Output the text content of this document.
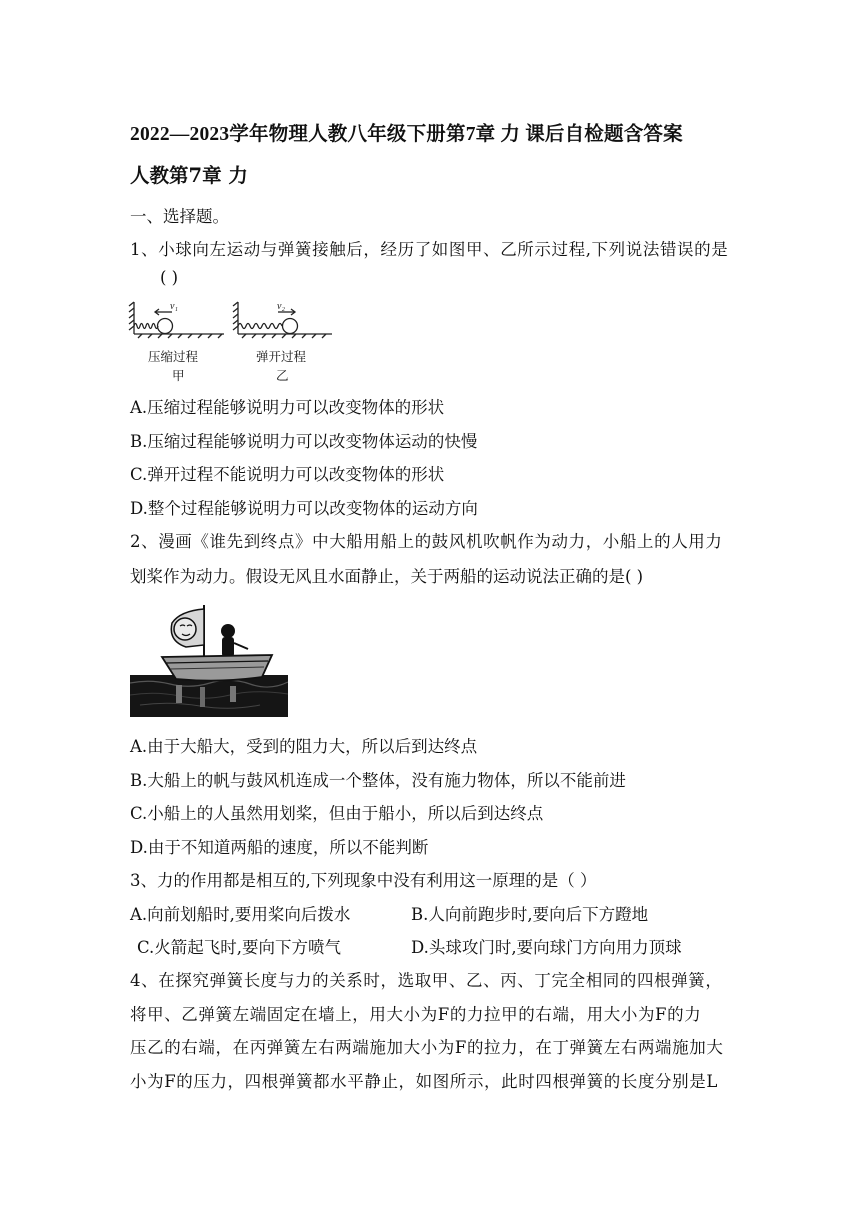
2022—2023学年物理人教八年级下册第7章 力 课后自检题含答案
人教第7章 力
一、选择题。
1、小球向左运动与弹簧接触后，经历了如图甲、乙所示过程,下列说法错误的是
( )
v₁	v₂
压缩过程
甲
弹开过程
乙
A.压缩过程能够说明力可以改变物体的形状
B.压缩过程能够说明力可以改变物体运动的快慢
C.弹开过程不能说明力可以改变物体的形状
D.整个过程能够说明力可以改变物体的运动方向
2、漫画《谁先到终点》中大船用船上的鼓风机吹帆作为动力，小船上的人用力
划桨作为动力。假设无风且水面静止，关于两船的运动说法正确的是( )
A.由于大船大，受到的阻力大，所以后到达终点
B.大船上的帆与鼓风机连成一个整体，没有施力物体，所以不能前进
C.小船上的人虽然用划桨，但由于船小，所以后到达终点
D.由于不知道两船的速度，所以不能判断
3、力的作用都是相互的,下列现象中没有利用这一原理的是（ ）
A.向前划船时,要用桨向后拨水	B.人向前跑步时,要向后下方蹬地
C.火箭起飞时,要向下方喷气	D.头球攻门时,要向球门方向用力顶球
4、在探究弹簧长度与力的关系时，选取甲、乙、丙、丁完全相同的四根弹簧，
将甲、乙弹簧左端固定在墙上，用大小为F的力拉甲的右端，用大小为F的力
压乙的右端，在丙弹簧左右两端施加大小为F的拉力，在丁弹簧左右两端施加大
小为F的压力，四根弹簧都水平静止，如图所示，此时四根弹簧的长度分别是L
